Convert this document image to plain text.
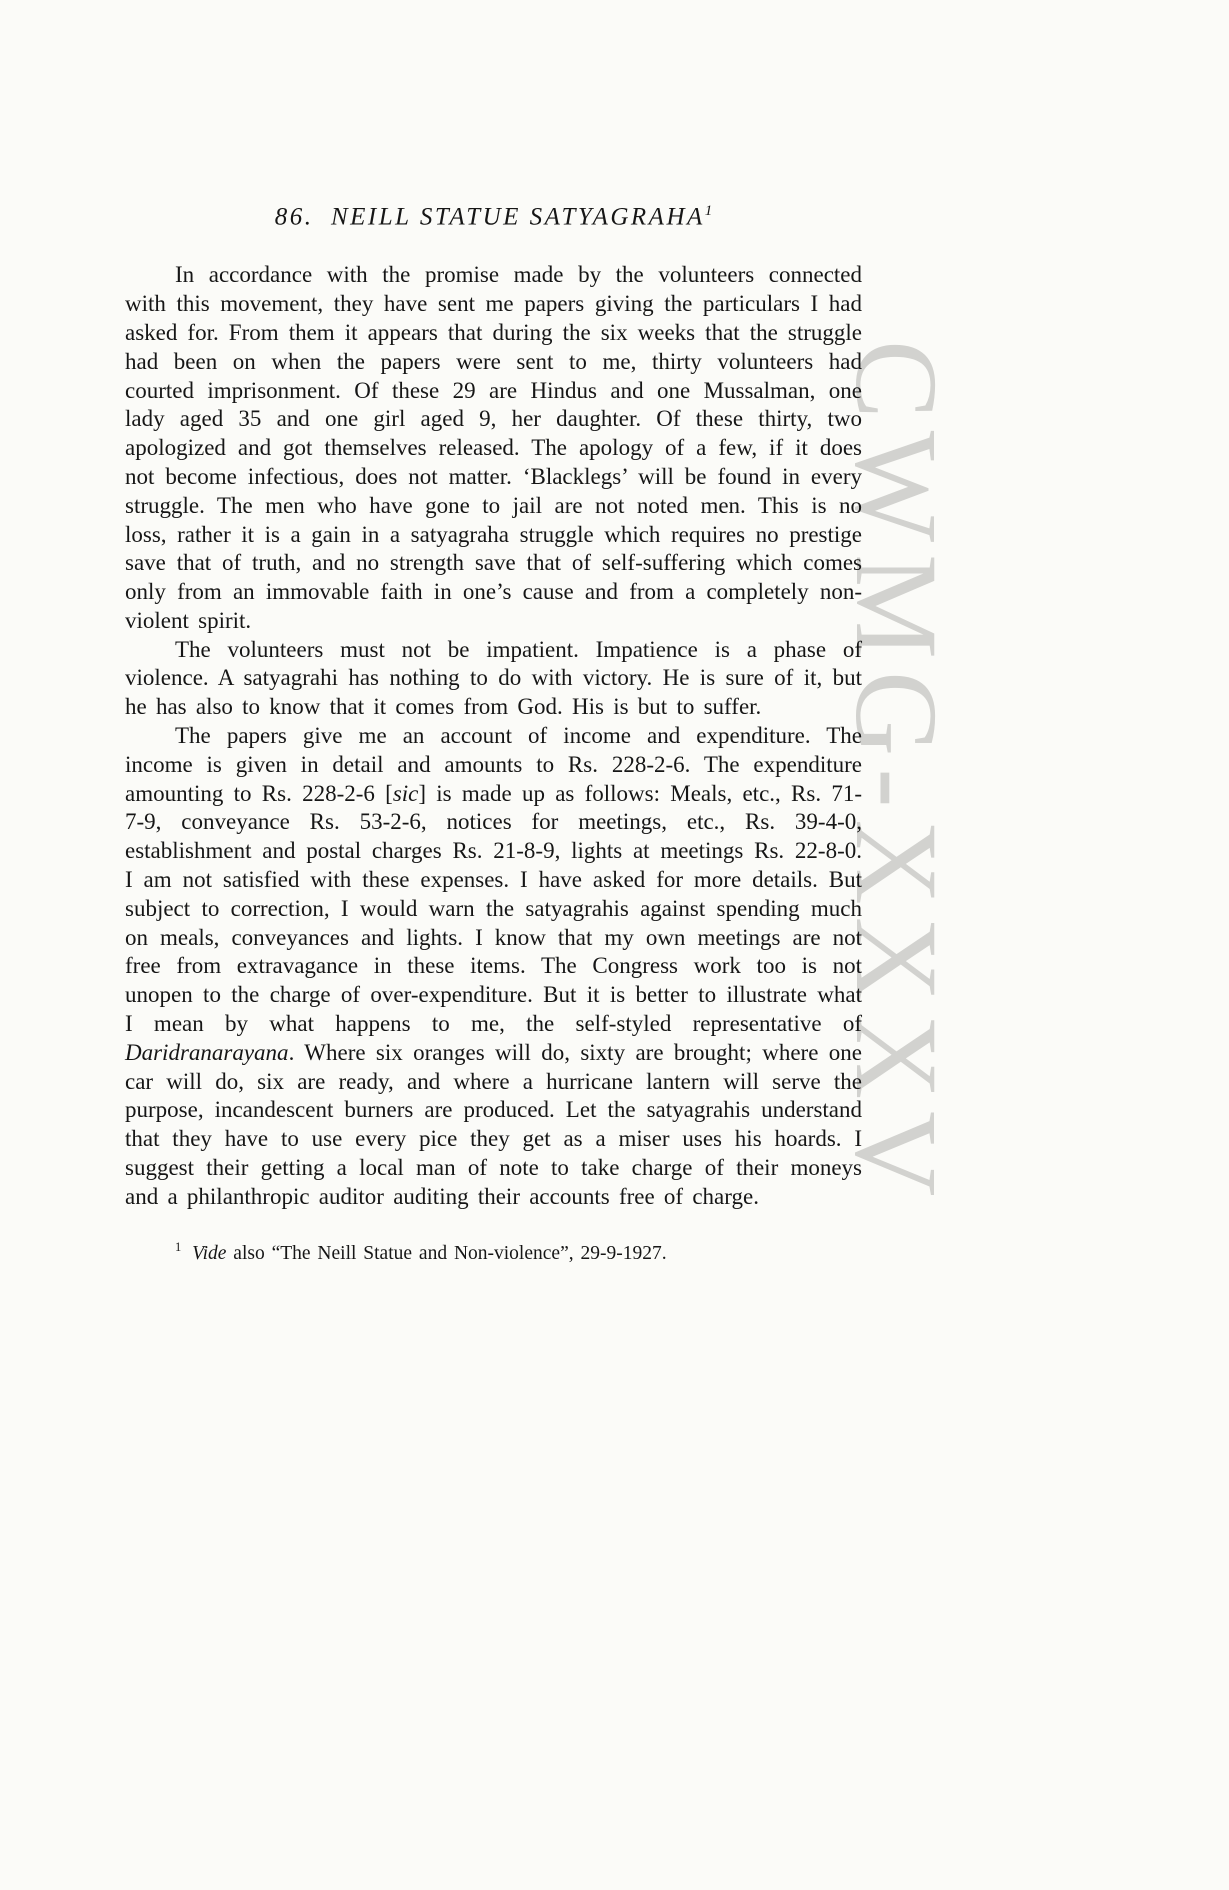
CWMG-XXXV
86.  NEILL STATUE SATYAGRAHA$^1$

In accordance with the promise made by the volunteers connected with this movement, they have sent me papers giving the particulars I had asked for. From them it appears that during the six weeks that the struggle had been on when the papers were sent to me, thirty volunteers had courted imprisonment. Of these 29 are Hindus and one Mussalman, one lady aged 35 and one girl aged 9, her daughter. Of these thirty, two apologized and got themselves released. The apology of a few, if it does not become infectious, does not matter. ‘Blacklegs’ will be found in every struggle. The men who have gone to jail are not noted men. This is no loss, rather it is a gain in a satyagraha struggle which requires no prestige save that of truth, and no strength save that of self-suffering which comes only from an immovable faith in one’s cause and from a completely non-violent spirit.

The volunteers must not be impatient. Impatience is a phase of violence. A satyagrahi has nothing to do with victory. He is sure of it, but he has also to know that it comes from God. His is but to suffer.

The papers give me an account of income and expenditure. The income is given in detail and amounts to Rs. 228-2-6. The expenditure amounting to Rs. 228-2-6 [sic] is made up as follows: Meals, etc., Rs. 71-7-9, conveyance Rs. 53-2-6, notices for meetings, etc., Rs. 39-4-0, establishment and postal charges Rs. 21-8-9, lights at meetings Rs. 22-8-0. I am not satisfied with these expenses. I have asked for more details. But subject to correction, I would warn the satyagrahis against spending much on meals, conveyances and lights. I know that my own meetings are not free from extravagance in these items. The Congress work too is not unopen to the charge of over-expenditure. But it is better to illustrate what I mean by what happens to me, the self-styled representative of Daridranarayana. Where six oranges will do, sixty are brought; where one car will do, six are ready, and where a hurricane lantern will serve the purpose, incandescent burners are produced. Let the satyagrahis understand that they have to use every pice they get as a miser uses his hoards. I suggest their getting a local man of note to take charge of their moneys and a philanthropic auditor auditing their accounts free of charge.

$^1$ Vide also “The Neill Statue and Non-violence”, 29-9-1927.
